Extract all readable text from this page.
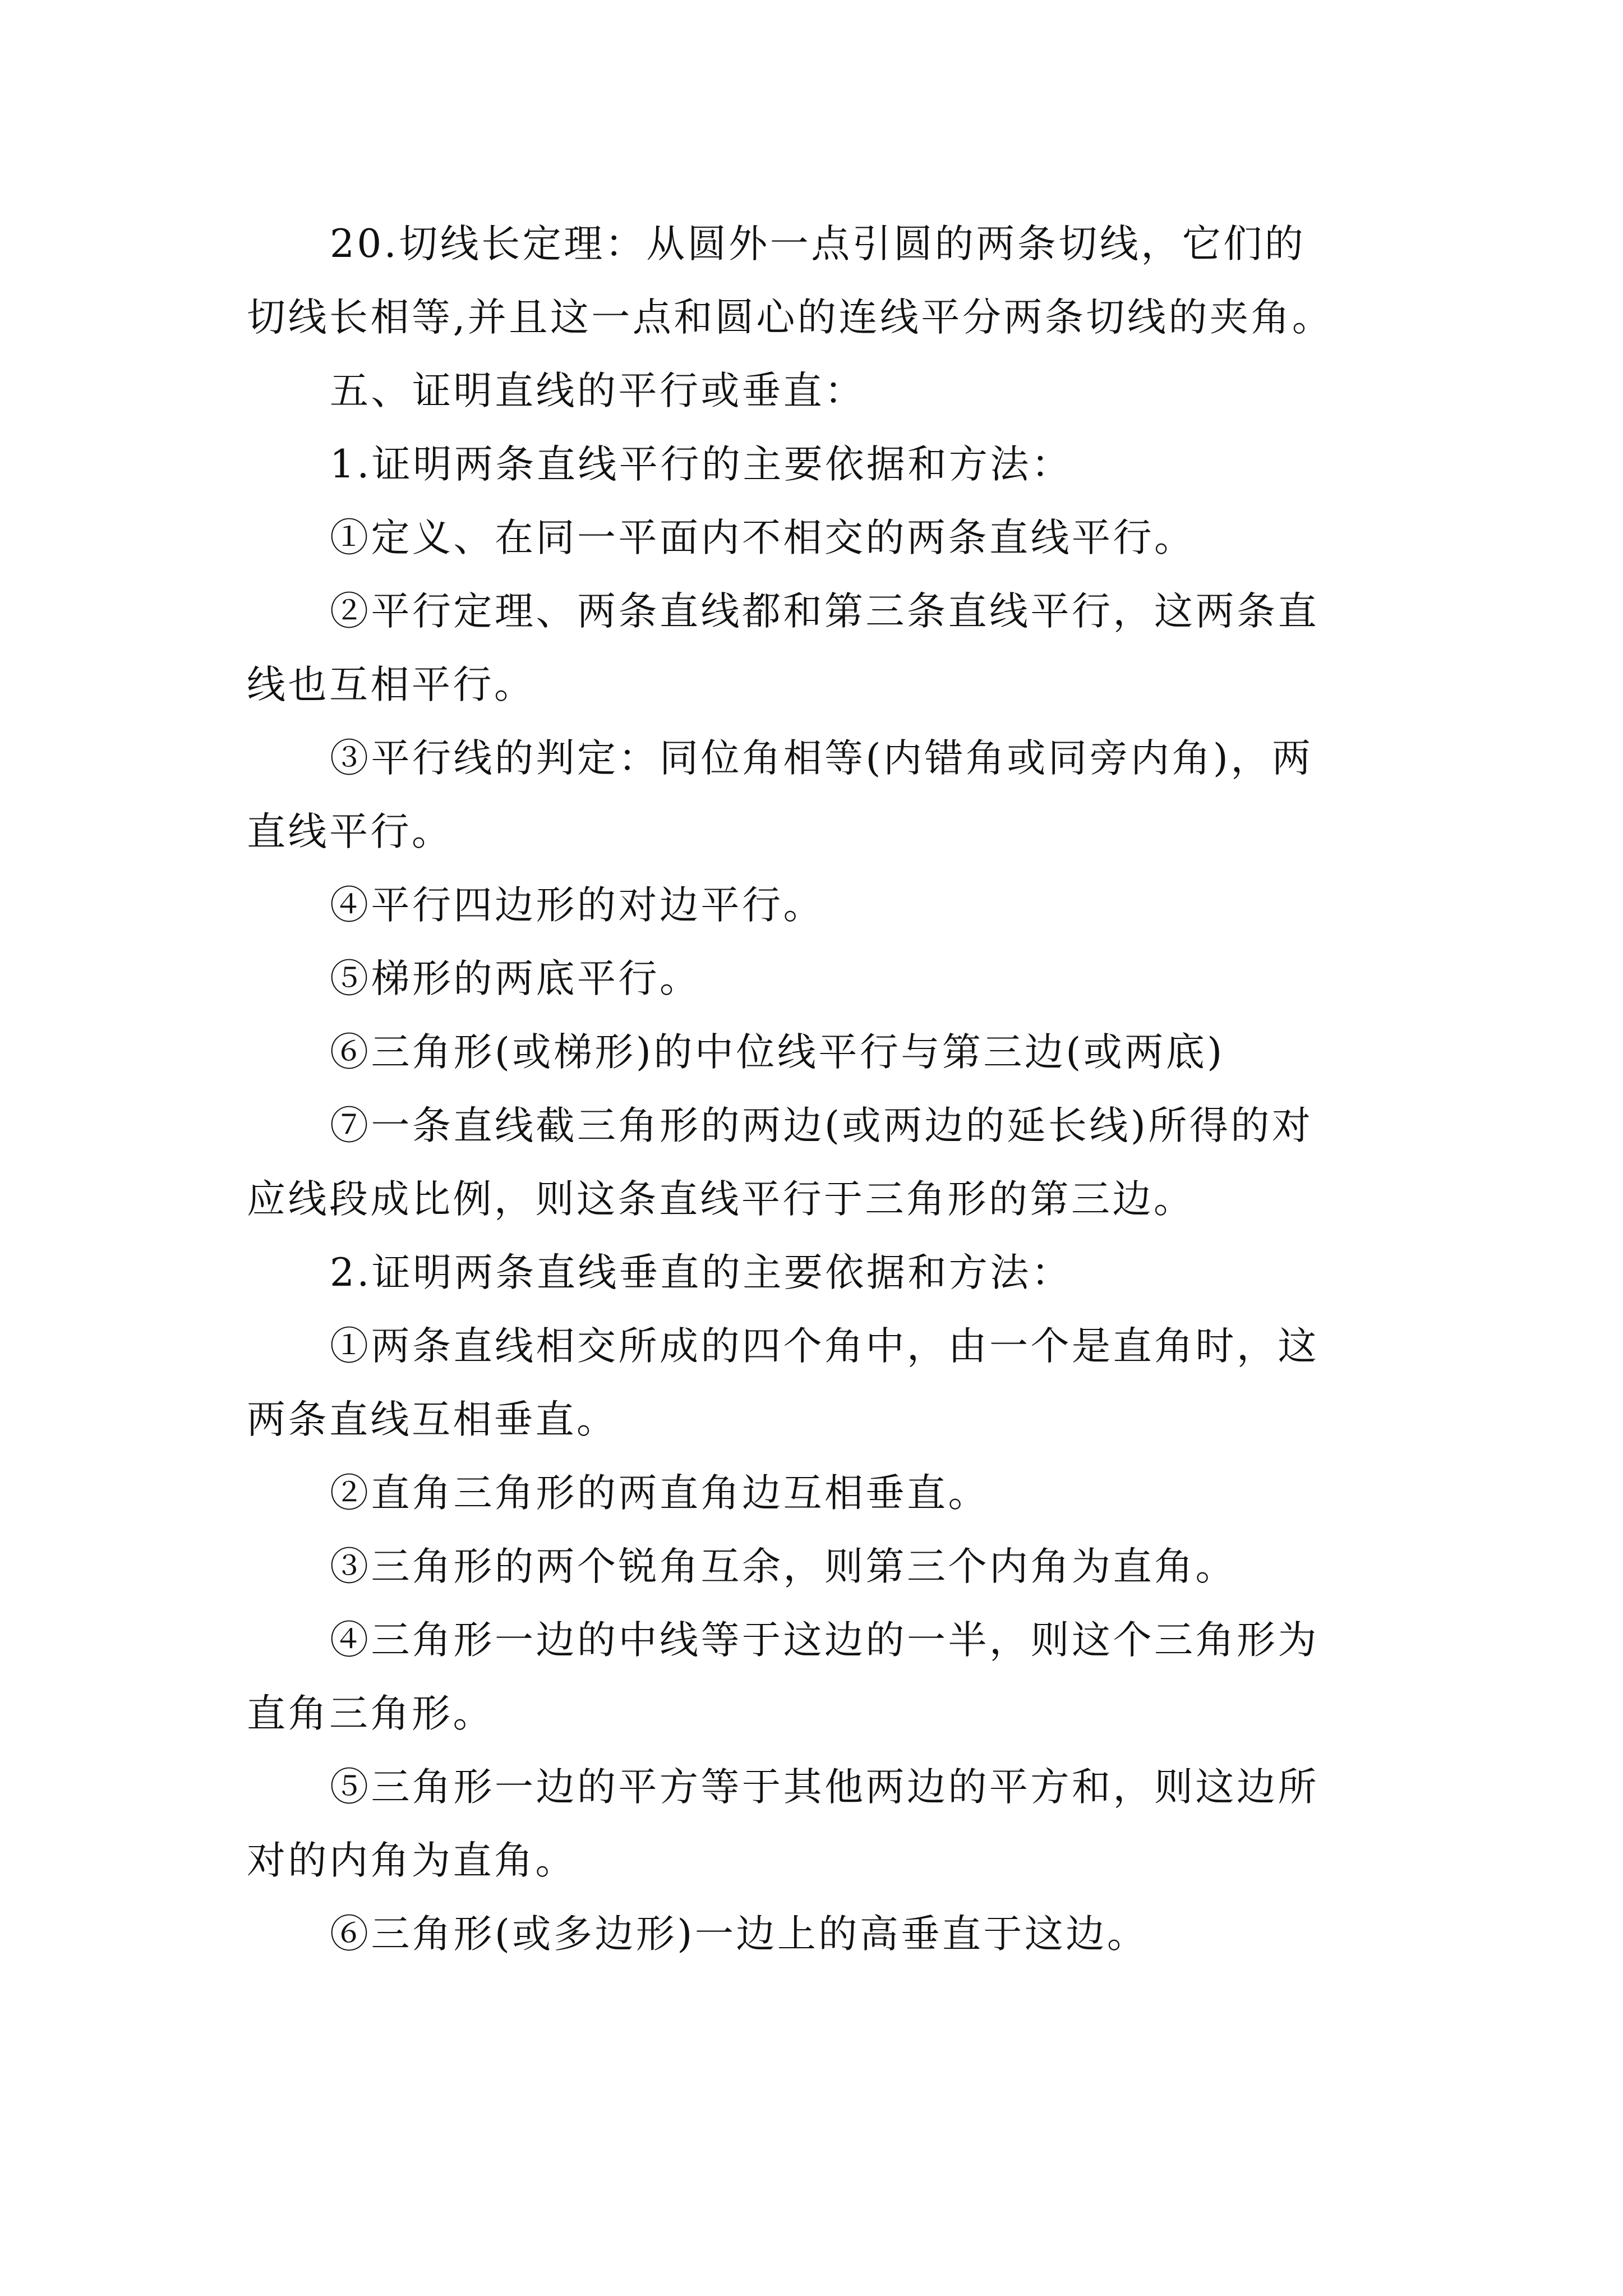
20.切线长定理：从圆外一点引圆的两条切线，它们的
切线长相等,并且这一点和圆心的连线平分两条切线的夹角。

五、证明直线的平行或垂直：

1.证明两条直线平行的主要依据和方法：

①定义、在同一平面内不相交的两条直线平行。

②平行定理、两条直线都和第三条直线平行，这两条直
线也互相平行。

③平行线的判定：同位角相等(内错角或同旁内角)，两
直线平行。

④平行四边形的对边平行。

⑤梯形的两底平行。

⑥三角形(或梯形)的中位线平行与第三边(或两底)

⑦一条直线截三角形的两边(或两边的延长线)所得的对
应线段成比例，则这条直线平行于三角形的第三边。

2.证明两条直线垂直的主要依据和方法：

①两条直线相交所成的四个角中，由一个是直角时，这
两条直线互相垂直。

②直角三角形的两直角边互相垂直。

③三角形的两个锐角互余，则第三个内角为直角。

④三角形一边的中线等于这边的一半，则这个三角形为
直角三角形。

⑤三角形一边的平方等于其他两边的平方和，则这边所
对的内角为直角。

⑥三角形(或多边形)一边上的高垂直于这边。
